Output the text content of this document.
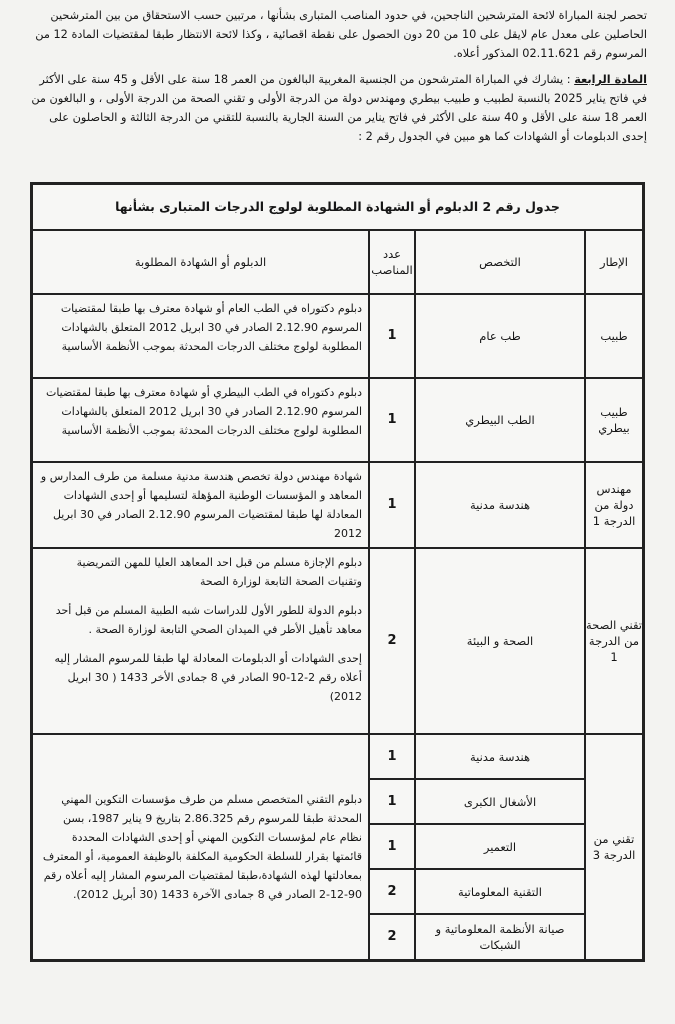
تحصر لجنة المباراة لائحة المترشحين الناجحين، في حدود المناصب المتبارى بشأنها ، مرتبين حسب الاستحقاق من بين المترشحين الحاصلين على معدل عام لايقل على 10 من 20 دون الحصول على نقطة اقصائية ، وكذا لائحة الانتظار طبقا لمقتضيات المادة 12 من المرسوم رقم 02.11.621 المذكور أعلاه.
المادة الرابعة : يشارك في المباراة المترشحون من الجنسية المغربية البالغون من العمر 18 سنة على الأقل و 45 سنة على الأكثر في فاتح يناير 2025 بالنسبة لطبيب و طبيب بيطري ومهندس دولة من الدرجة الأولى و تقني الصحة من الدرجة الأولى ، و البالغون من العمر 18 سنة على الأقل و 40 سنة على الأكثر في فاتح يناير من السنة الجارية بالنسبة للتقني من الدرجة الثالثة و الحاصلون على إحدى الدبلومات أو الشهادات كما هو مبين في الجدول رقم 2 :
جدول رقم 2 الدبلوم أو الشهادة المطلوبة لولوج الدرجات المتبارى بشأنها
الإطار
التخصص
عدد المناصب
الدبلوم أو الشهادة المطلوبة
طبيب
طب عام
1
دبلوم دكتوراه في الطب العام أو شهادة معترف بها طبقا لمقتضيات المرسوم 2.12.90 الصادر في 30 ابريل 2012 المتعلق بالشهادات المطلوبة لولوج مختلف الدرجات المحدثة بموجب الأنظمة الأساسية
طبيب بيطري
الطب البيطري
1
دبلوم دكتوراه في الطب البيطري أو شهادة معترف بها طبقا لمقتضيات المرسوم 2.12.90 الصادر في 30 ابريل 2012 المتعلق بالشهادات المطلوبة لولوج مختلف الدرجات المحدثة بموجب الأنظمة الأساسية
مهندس دولة من الدرجة 1
هندسة مدنية
1
شهادة مهندس دولة تخصص هندسة مدنية مسلمة من طرف المدارس و المعاهد و المؤسسات الوطنية المؤهلة لتسليمها أو إحدى الشهادات المعادلة لها طبقا لمقتضيات المرسوم 2.12.90 الصادر في 30 ابريل 2012
تقني الصحة من الدرجة 1
الصحة و البيئة
2

دبلوم الإجازة مسلم من قبل احد المعاهد العليا للمهن التمريضية وتقنيات الصحة التابعة لوزارة الصحة

دبلوم الدولة للطور الأول للدراسات شبه الطبية المسلم من قبل أحد معاهد تأهيل الأطر في الميدان الصحي التابعة لوزارة الصحة .

إحدى الشهادات أو الدبلومات المعادلة لها طبقا للمرسوم المشار إليه أعلاه رقم 2-12-90 الصادر في 8 جمادى الأخر 1433 ( 30 ابريل 2012)

تقني من الدرجة 3
هندسة مدنية
1
الأشغال الكبرى
1
التعمير
1
التقنية المعلوماتية
2
صيانة الأنظمة المعلوماتية و الشبكات
2
دبلوم التقني المتخصص مسلم من طرف مؤسسات التكوين المهني المحدثة طبقا للمرسوم رقم 2.86.325 بتاريخ 9 يناير 1987، بسن نظام عام لمؤسسات التكوين المهني أو إحدى الشهادات المحددة قائمتها بقرار للسلطة الحكومية المكلفة بالوظيفة العمومية، أو المعترف بمعادلتها لهذه الشهادة،طبقا لمقتضيات المرسوم المشار إليه أعلاه رقم 90-12-2 الصادر في 8 جمادى الآخرة 1433 (30 أبريل 2012).
